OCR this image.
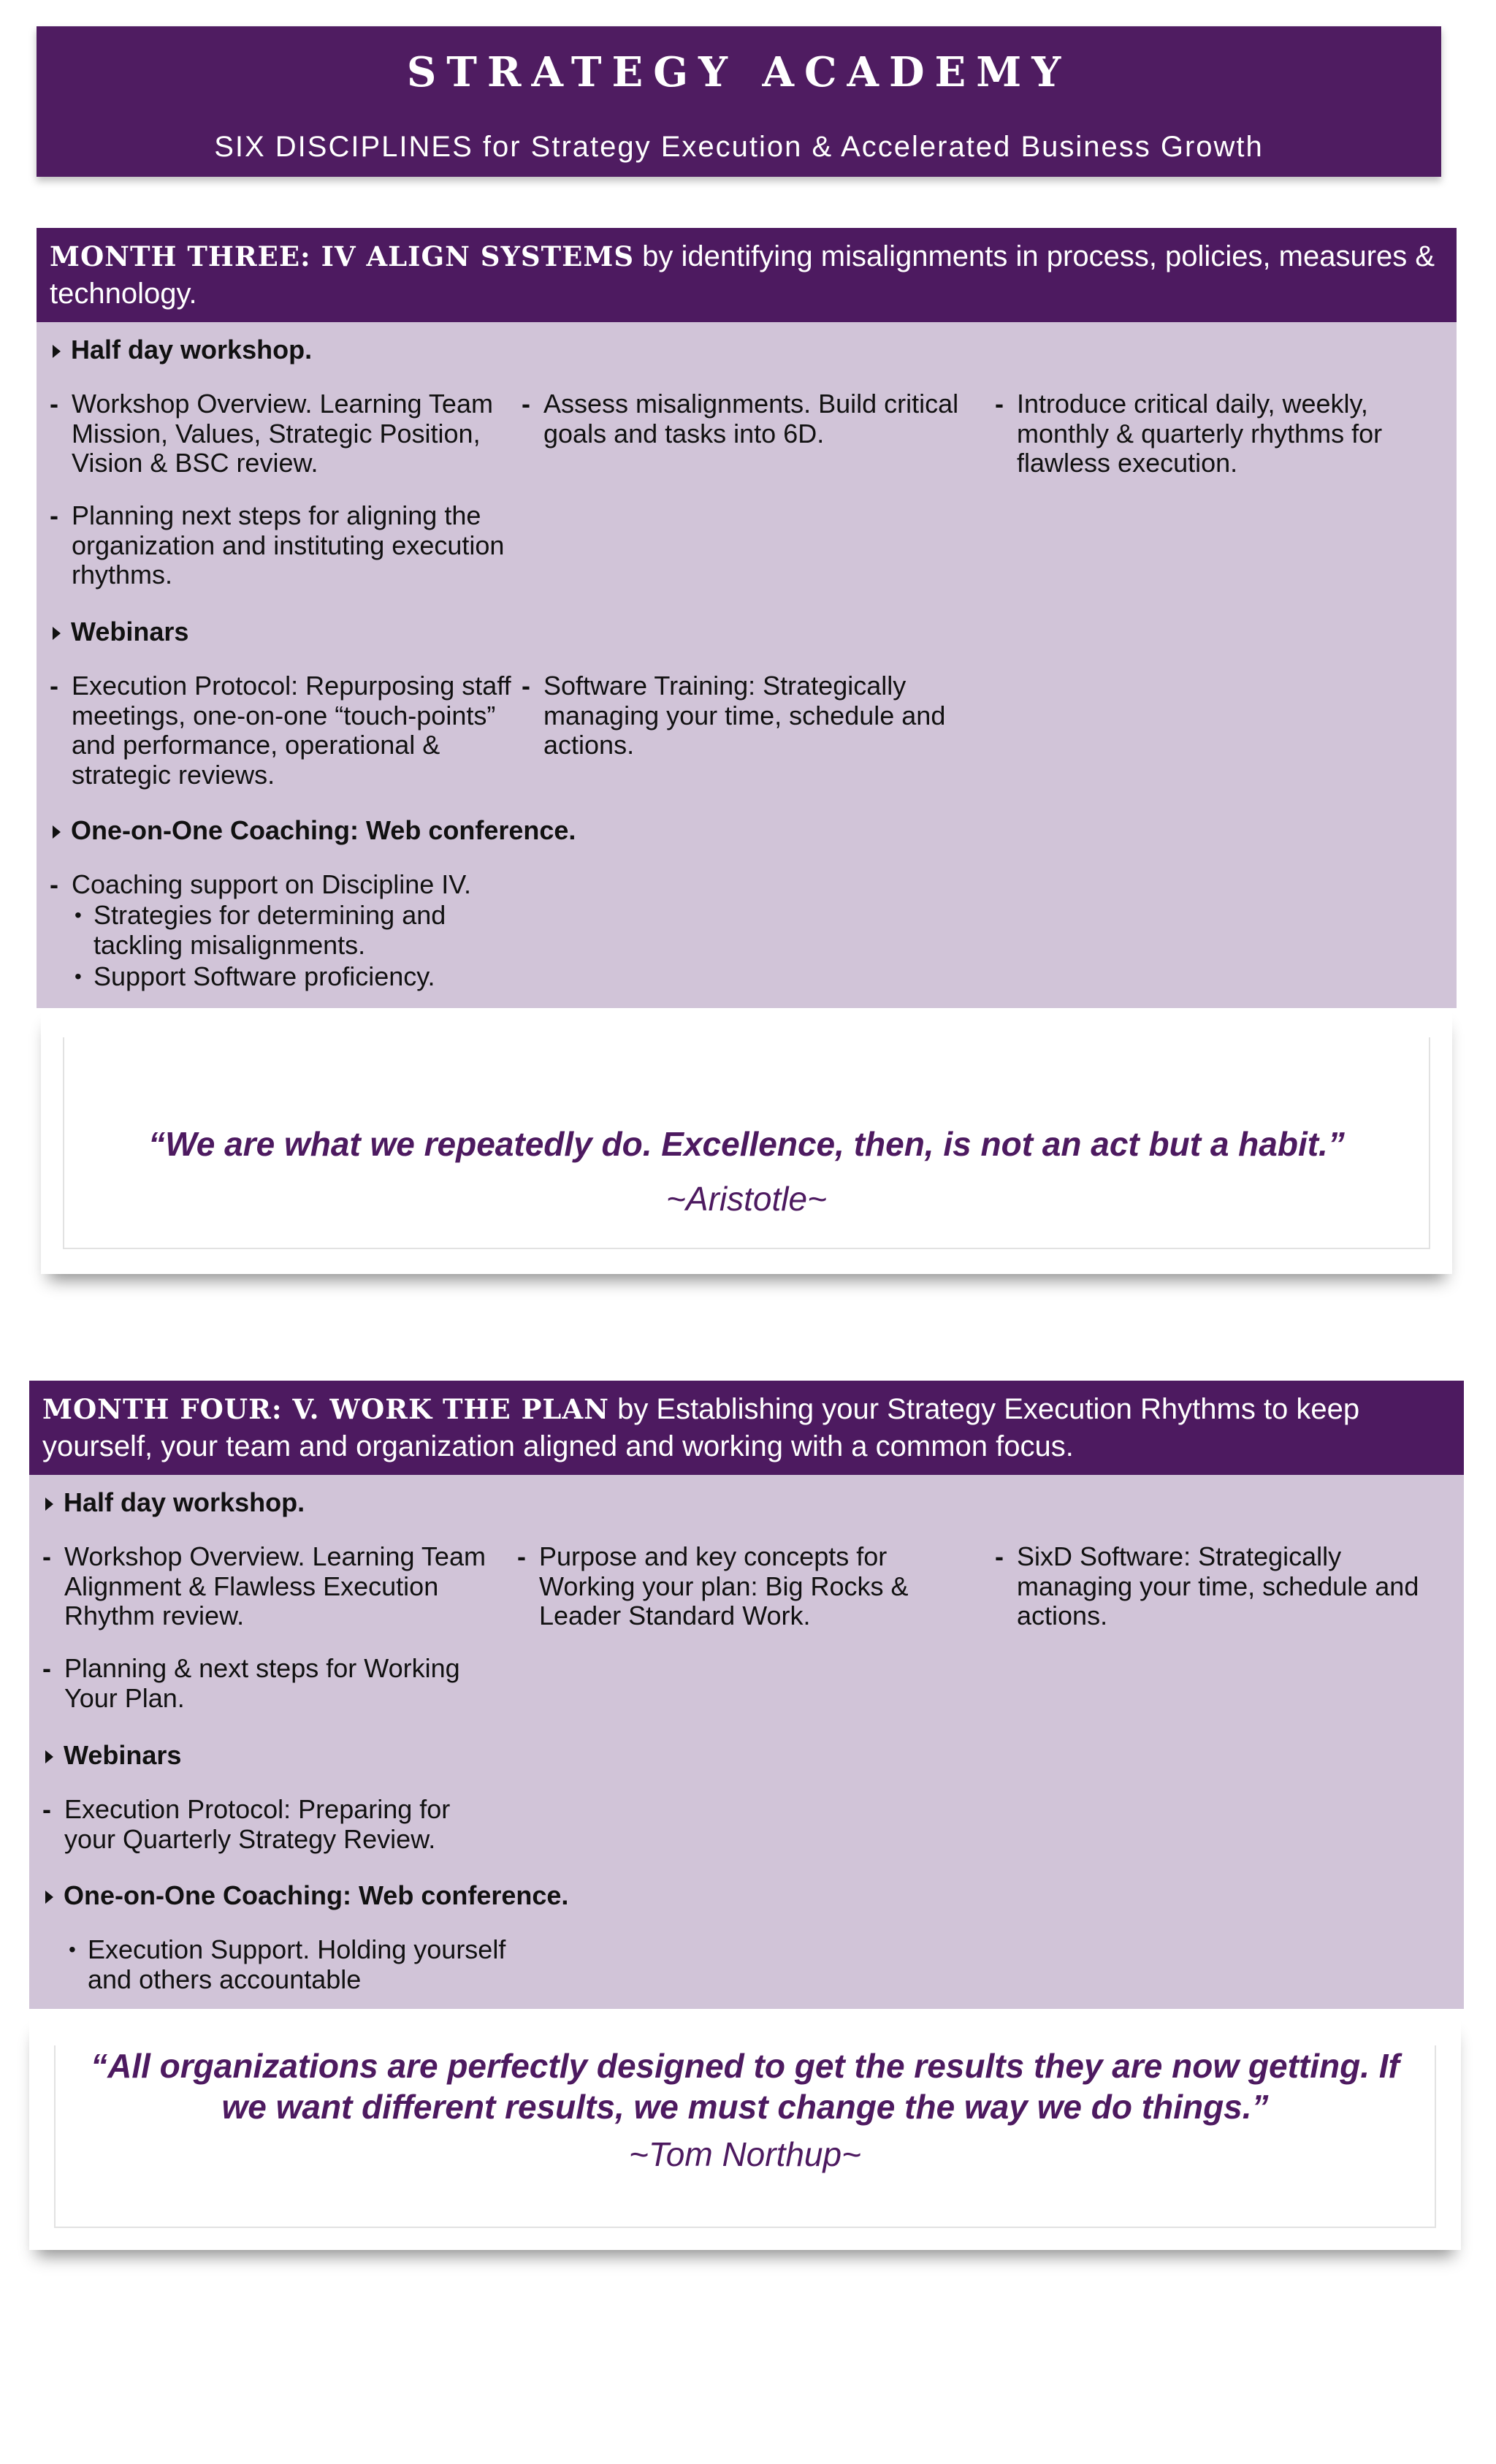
STRATEGY ACADEMY
SIX DISCIPLINES for Strategy Execution & Accelerated Business Growth
MONTH THREE: IV ALIGN SYSTEMS by identifying misalignments in process, policies, measures & technology.
Half day workshop.
- Workshop Overview. Learning Team Mission, Values, Strategic Position, Vision & BSC review.
- Planning next steps for aligning the organization and instituting execution rhythms.
- Assess misalignments. Build critical goals and tasks into 6D.
- Introduce critical daily, weekly, monthly & quarterly rhythms for flawless execution.
Webinars
- Execution Protocol: Repurposing staff meetings, one-on-one “touch-points” and performance, operational & strategic reviews.
- Software Training: Strategically managing your time, schedule and actions.
One-on-One Coaching: Web conference.
- Coaching support on Discipline IV.
• Strategies for determining and tackling misalignments.
• Support Software proficiency.
“We are what we repeatedly do. Excellence, then, is not an act but a habit.”
~Aristotle~
MONTH FOUR: V. WORK THE PLAN by Establishing your Strategy Execution Rhythms to keep yourself, your team and organization aligned and working with a common focus.
Half day workshop.
- Workshop Overview. Learning Team Alignment & Flawless Execution Rhythm review.
- Planning & next steps for Working Your Plan.
- Purpose and key concepts for Working your plan: Big Rocks & Leader Standard Work.
- SixD Software: Strategically managing your time, schedule and actions.
Webinars
- Execution Protocol: Preparing for your Quarterly Strategy Review.
One-on-One Coaching: Web conference.
• Execution Support. Holding yourself and others accountable
“All organizations are perfectly designed to get the results they are now getting. If we want different results, we must change the way we do things.”
~Tom Northup~
